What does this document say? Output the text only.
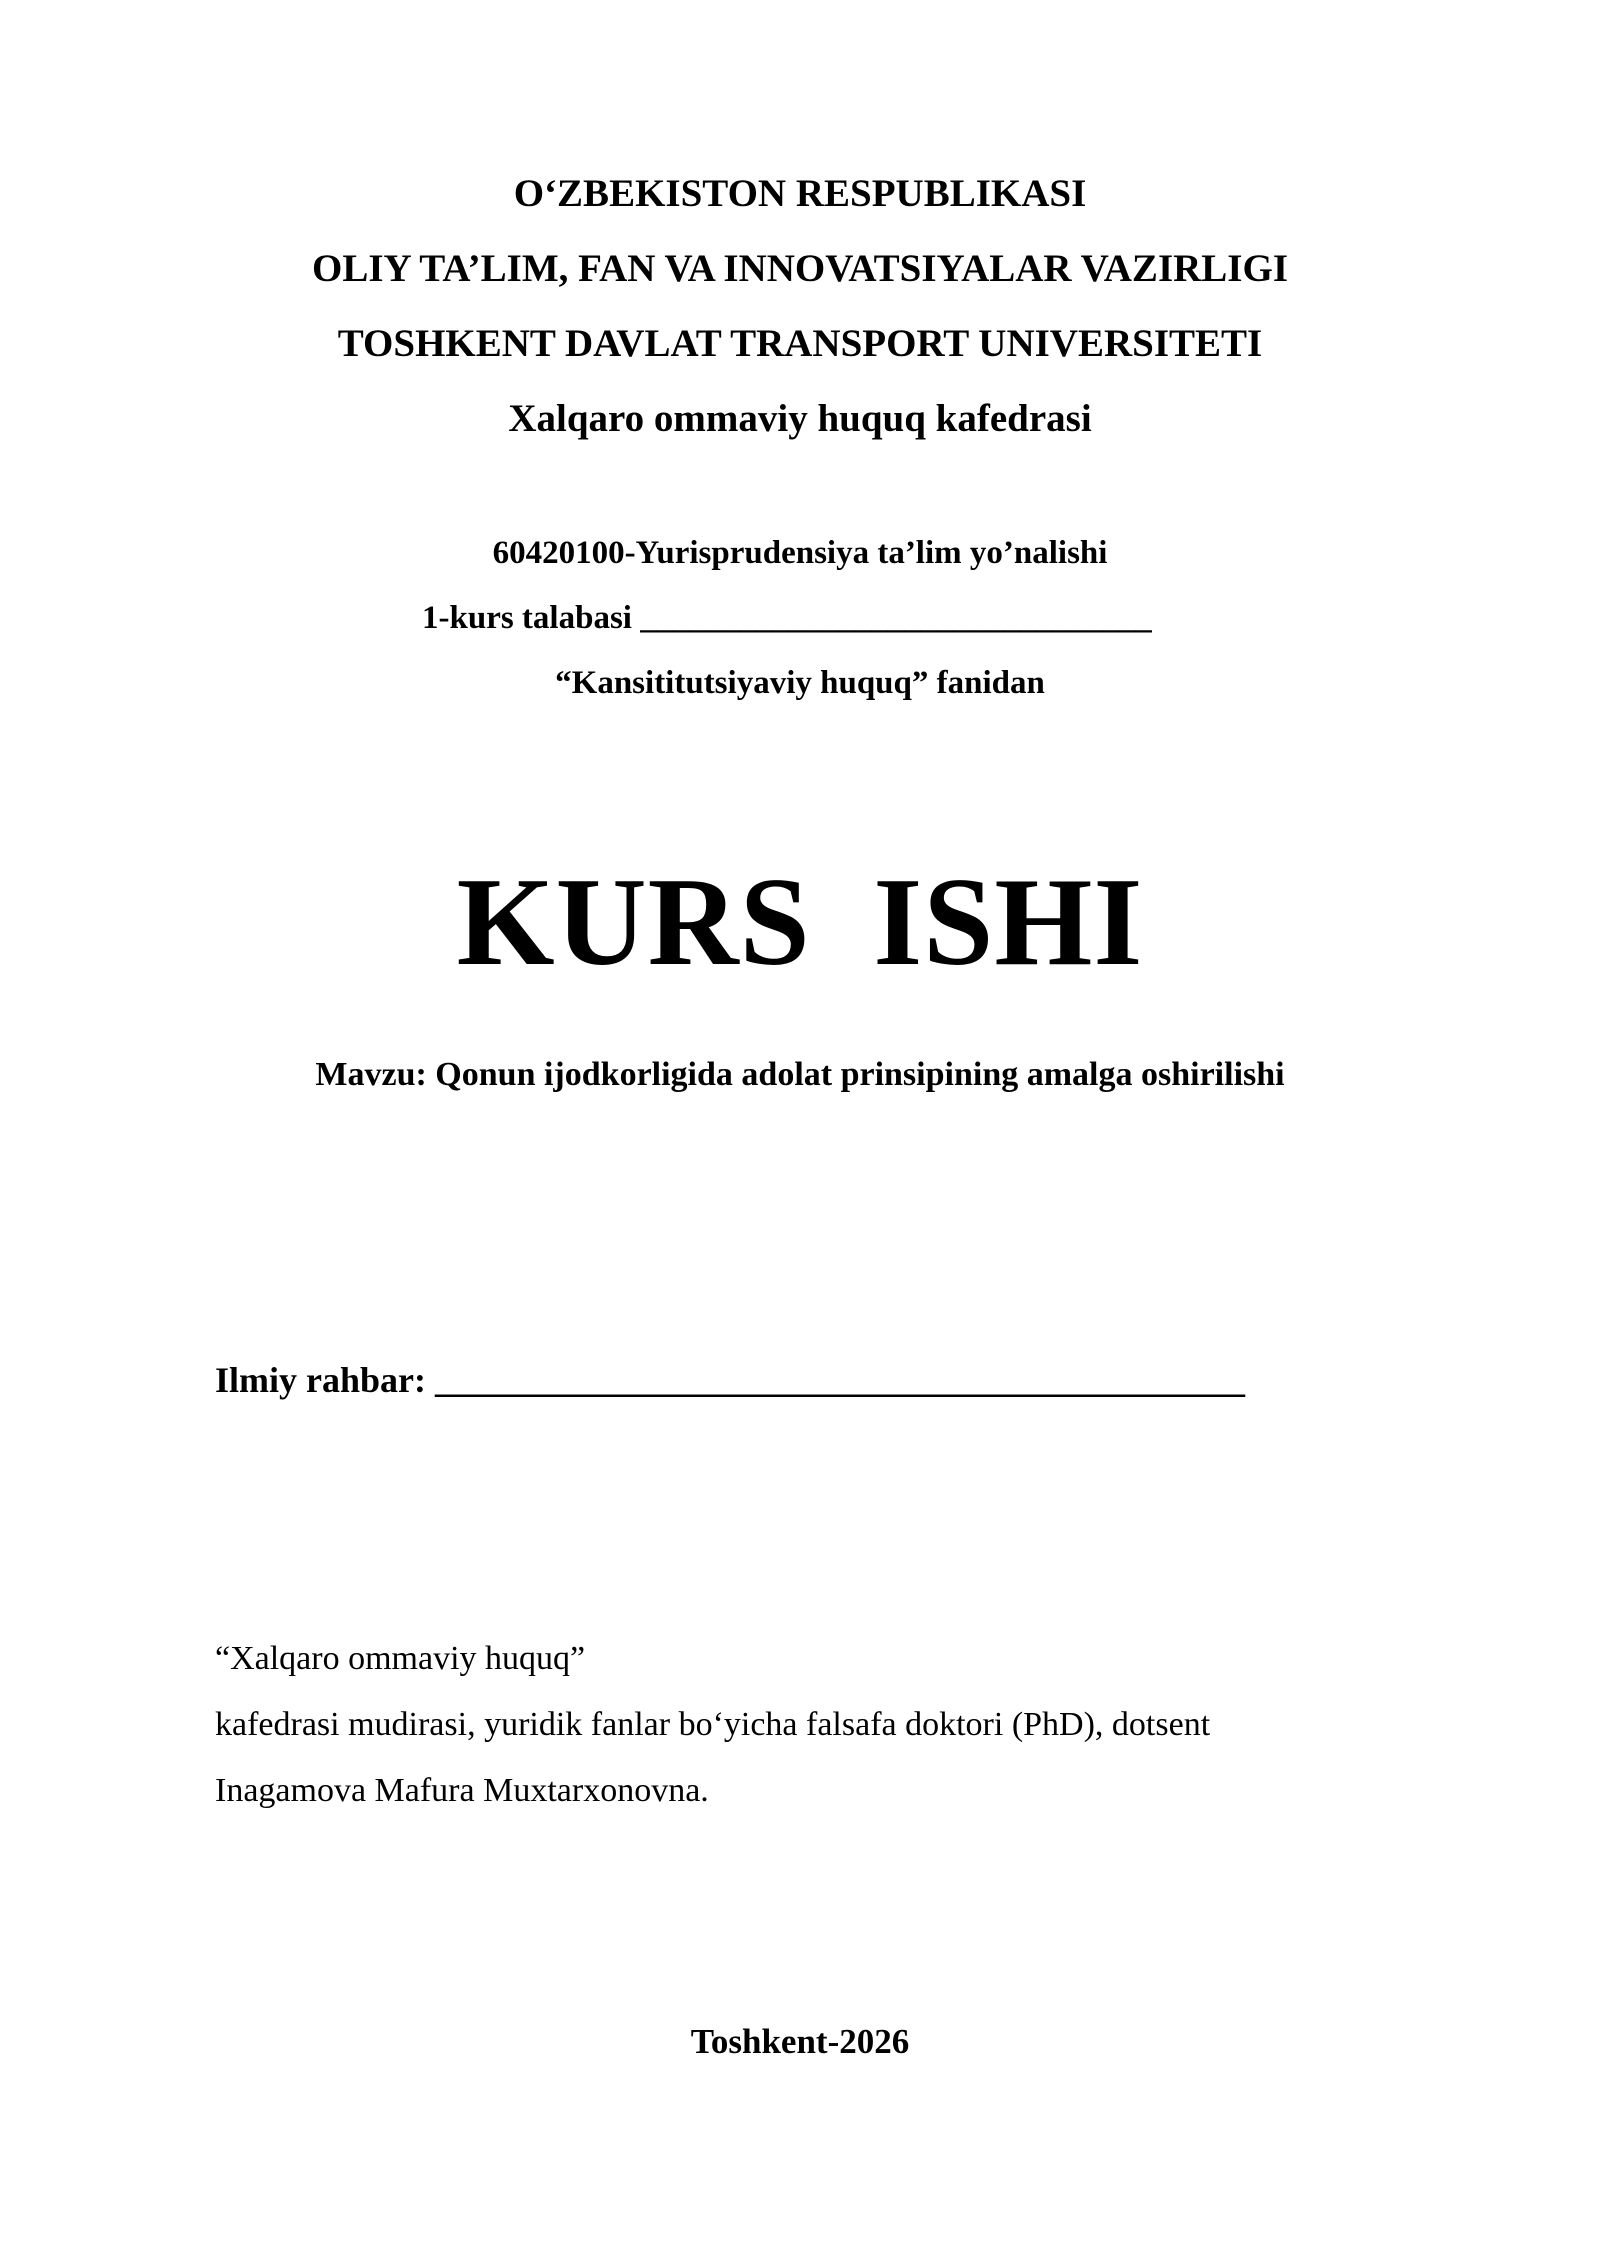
O‘ZBEKISTON RESPUBLIKASI
OLIY TA’LIM, FAN VA INNOVATSIYALAR VAZIRLIGI
TOSHKENT DAVLAT TRANSPORT UNIVERSITETI
Xalqaro ommaviy huquq kafedrasi
60420100-Yurisprudensiya ta’lim yo’nalishi
1-kurs talabasi _______________________________
“Kansititutsiyaviy huquq” fanidan
KURS ISHI
Mavzu: Qonun ijodkorligida adolat prinsipining amalga oshirilishi
Ilmiy rahbar: _____________________________________________
“Xalqaro ommaviy huquq”
kafedrasi mudirasi, yuridik fanlar bo‘yicha falsafa doktori (PhD), dotsent
Inagamova Mafura Muxtarxonovna.
Toshkent-2026
